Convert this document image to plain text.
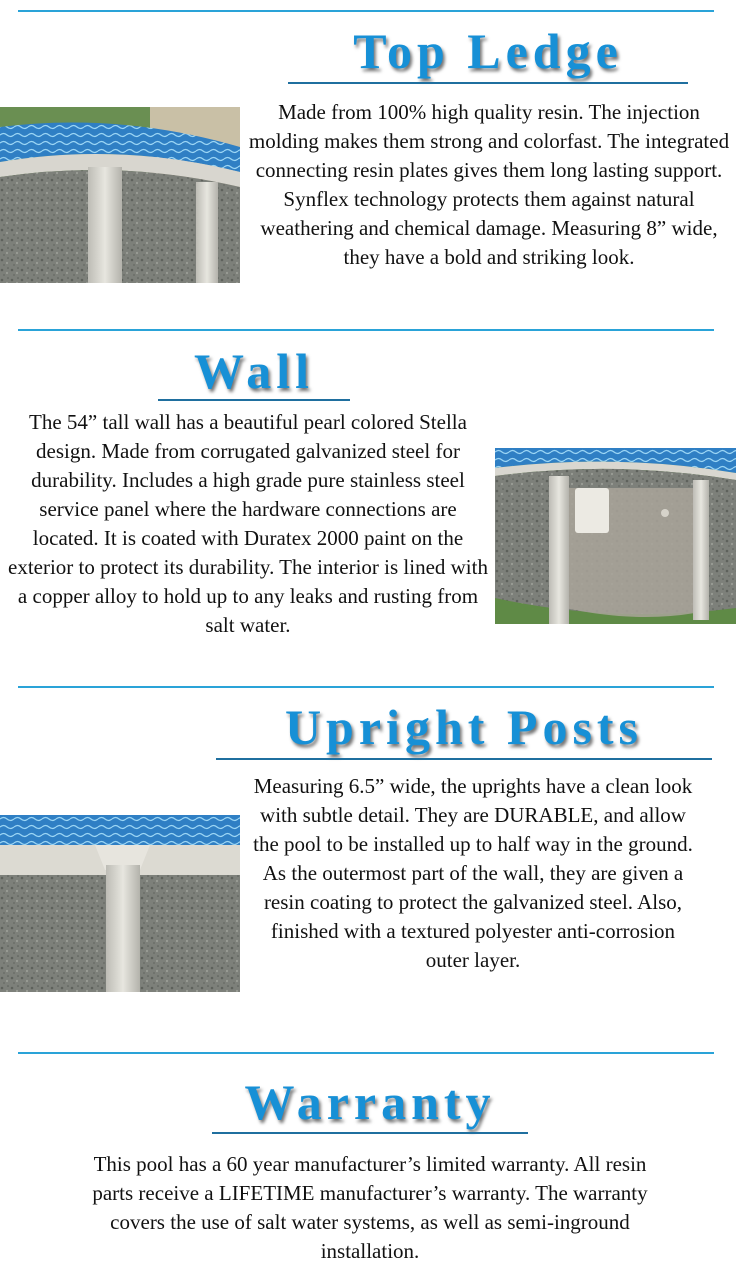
Top Ledge

Made from 100% high quality resin. The injection molding makes them strong and colorfast. The integrated connecting resin plates gives them long lasting support. Synflex technology protects them against natural weathering and chemical damage. Measuring 8” wide, they have a bold and striking look.

Wall

The 54” tall wall has a beautiful pearl colored Stella design. Made from corrugated galvanized steel for durability. Includes a high grade pure stainless steel service panel where the hardware connections are located. It is coated with Duratex 2000 paint on the exterior to protect its durability. The interior is lined with a copper alloy to hold up to any leaks and rusting from salt water.

Upright Posts

Measuring 6.5” wide, the uprights have a clean look with subtle detail. They are DURABLE, and allow the pool to be installed up to half way in the ground. As the outermost part of the wall, they are given a resin coating to protect the galvanized steel. Also, finished with a textured polyester anti-corrosion outer layer.

Warranty

This pool has a 60 year manufacturer’s limited warranty. All resin parts receive a LIFETIME manufacturer’s warranty. The warranty covers the use of salt water systems, as well as semi-inground installation.
